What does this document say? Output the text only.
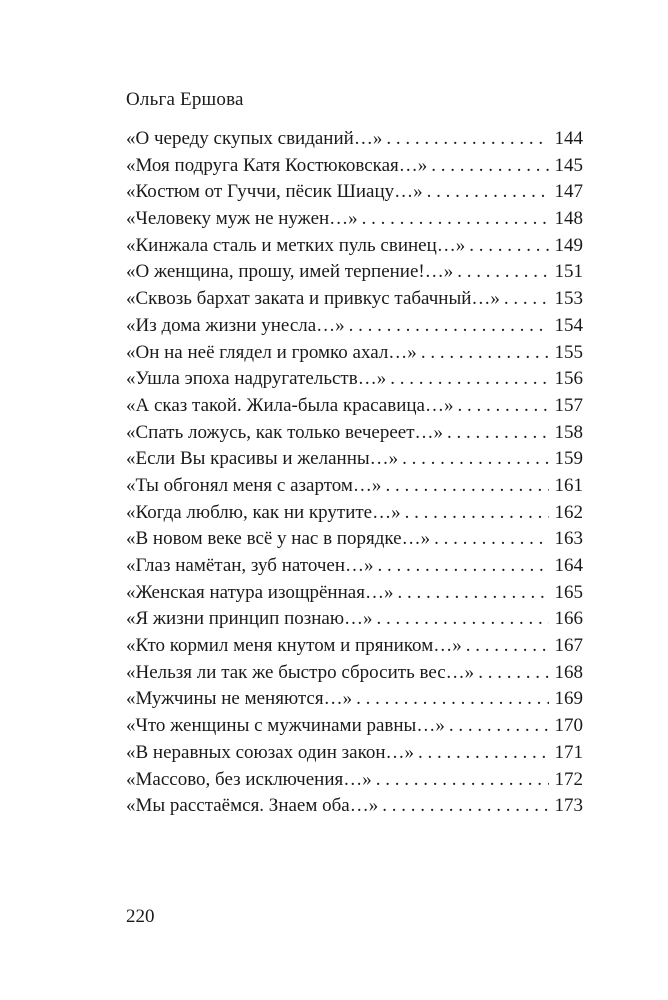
Ольга Ершова
«О череду скупых свиданий…» . . .	144
«Моя подруга Катя Костюковская…» . . .	145
«Костюм от Гуччи, пёсик Шиацу…» . . .	147
«Человеку муж не нужен…» . . .	148
«Кинжала сталь и метких пуль свинец…» . . .	149
«О женщина, прошу, имей терпение!…» . . .	151
«Сквозь бархат заката и привкус табачный…» . . .	153
«Из дома жизни унесла…» . . .	154
«Он на неё глядел и громко ахал…» . . .	155
«Ушла эпоха надругательств…» . . .	156
«А сказ такой. Жила-была красавица…» . . .	157
«Спать ложусь, как только вечереет…» . . .	158
«Если Вы красивы и желанны…» . . .	159
«Ты обгонял меня с азартом…» . . .	161
«Когда люблю, как ни крутите…» . . .	162
«В новом веке всё у нас в порядке…» . . .	163
«Глаз намётан, зуб наточен…» . . .	164
«Женская натура изощрённая…» . . .	165
«Я жизни принцип познаю…» . . .	166
«Кто кормил меня кнутом и пряником…» . . .	167
«Нельзя ли так же быстро сбросить вес…» . . .	168
«Мужчины не меняются…» . . .	169
«Что женщины с мужчинами равны…» . . .	170
«В неравных союзах один закон…» . . .	171
«Массово, без исключения…» . . .	172
«Мы расстаёмся. Знаем оба…» . . .	173
220
